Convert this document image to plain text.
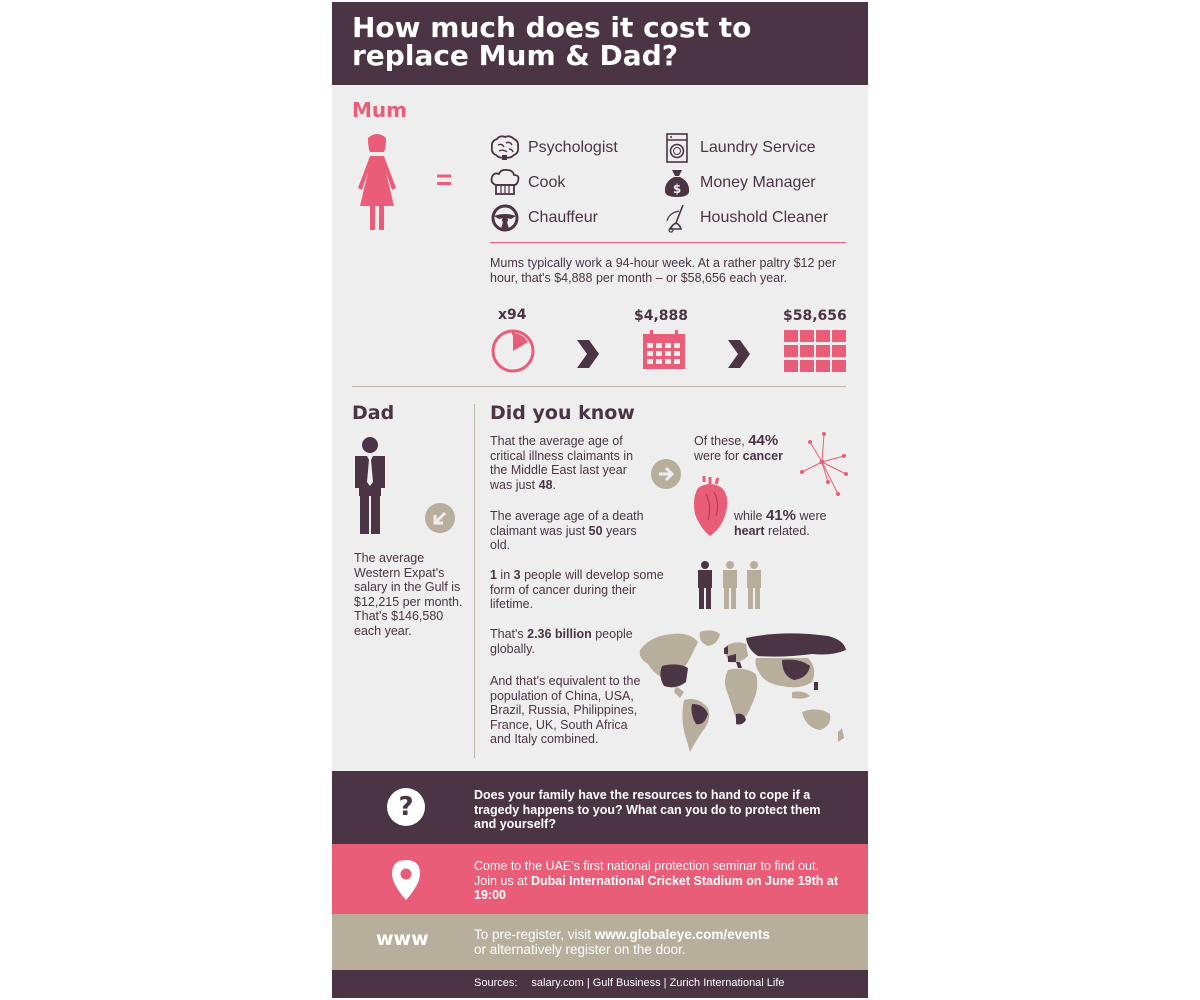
How much does it cost to replace Mum & Dad?
Mum
=
Psychologist	Laundry Service
Cook	$ Money Manager
Chauffeur	Houshold Cleaner
Mums typically work a 94-hour week. At a rather paltry $12 per hour, that's $4,888 per month – or $58,656 each year.
x94	$4,888	$58,656
Dad
The average Western Expat's salary in the Gulf is $12,215 per month. That's $146,580 each year.
Did you know
That the average age of critical illness claimants in the Middle East last year was just 48.
Of these, 44%
were for cancer
while 41% were
heart related.
The average age of a death claimant was just 50 years old.
1 in 3 people will develop some form of cancer during their lifetime.
That's 2.36 billion people globally.
And that's equivalent to the population of China, USA, Brazil, Russia, Philippines, France, UK, South Africa and Italy combined.
?	Does your family have the resources to hand to cope if a tragedy happens to you? What can you do to protect them and yourself?
Come to the UAE's first national protection seminar to find out. Join us at Dubai International Cricket Stadium on June 19th at 19:00
www	To pre-register, visit www.globaleye.com/events
or alternatively register on the door.
Sources: salary.com | Gulf Business | Zurich International Life
